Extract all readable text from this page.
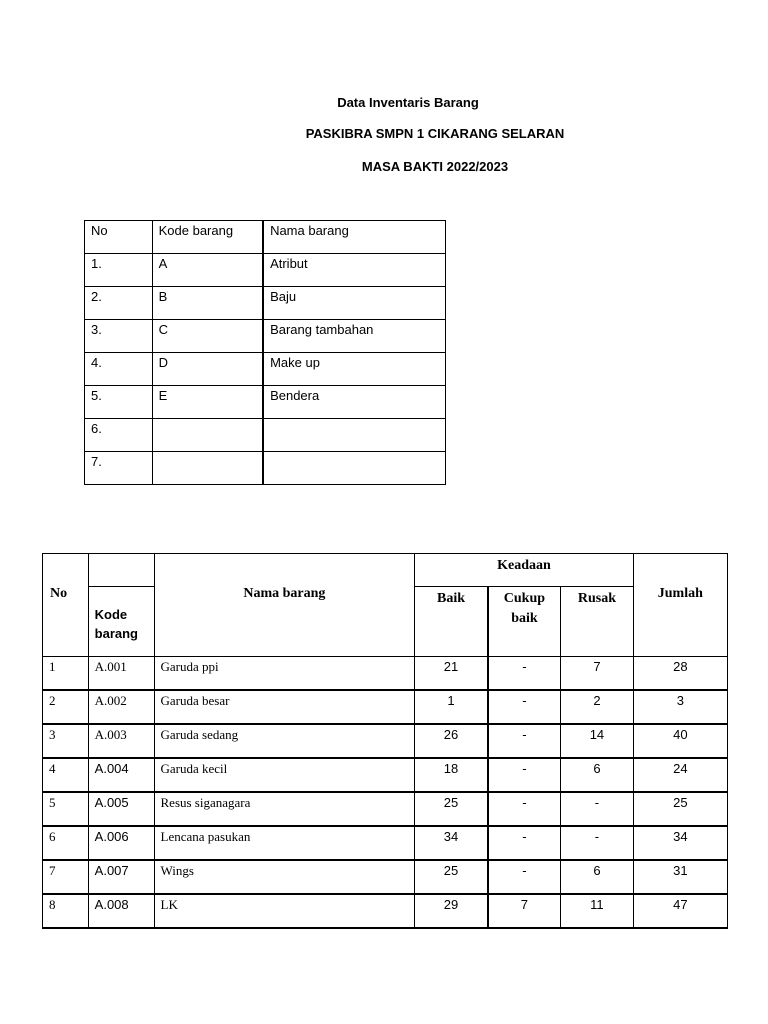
Data Inventaris Barang
PASKIBRA SMPN 1 CIKARANG SELARAN
MASA BAKTI 2022/2023
No	Kode barang	Nama barang
1.	A	Atribut
2.	B	Baju
3.	C	Barang tambahan
4.	D	Make up
5.	E	Bendera
6.		
7.		
No		Nama barang	Keadaan			Jumlah
	Kode barang		Baik	Cukup baik	Rusak	
1	A.001	Garuda ppi	21	-	7	28
2	A.002	Garuda besar	1	-	2	3
3	A.003	Garuda sedang	26	-	14	40
4	A.004	Garuda kecil	18	-	6	24
5	A.005	Resus siganagara	25	-	-	25
6	A.006	Lencana pasukan	34	-	-	34
7	A.007	Wings	25	-	6	31
8	A.008	LK	29	7	11	47
